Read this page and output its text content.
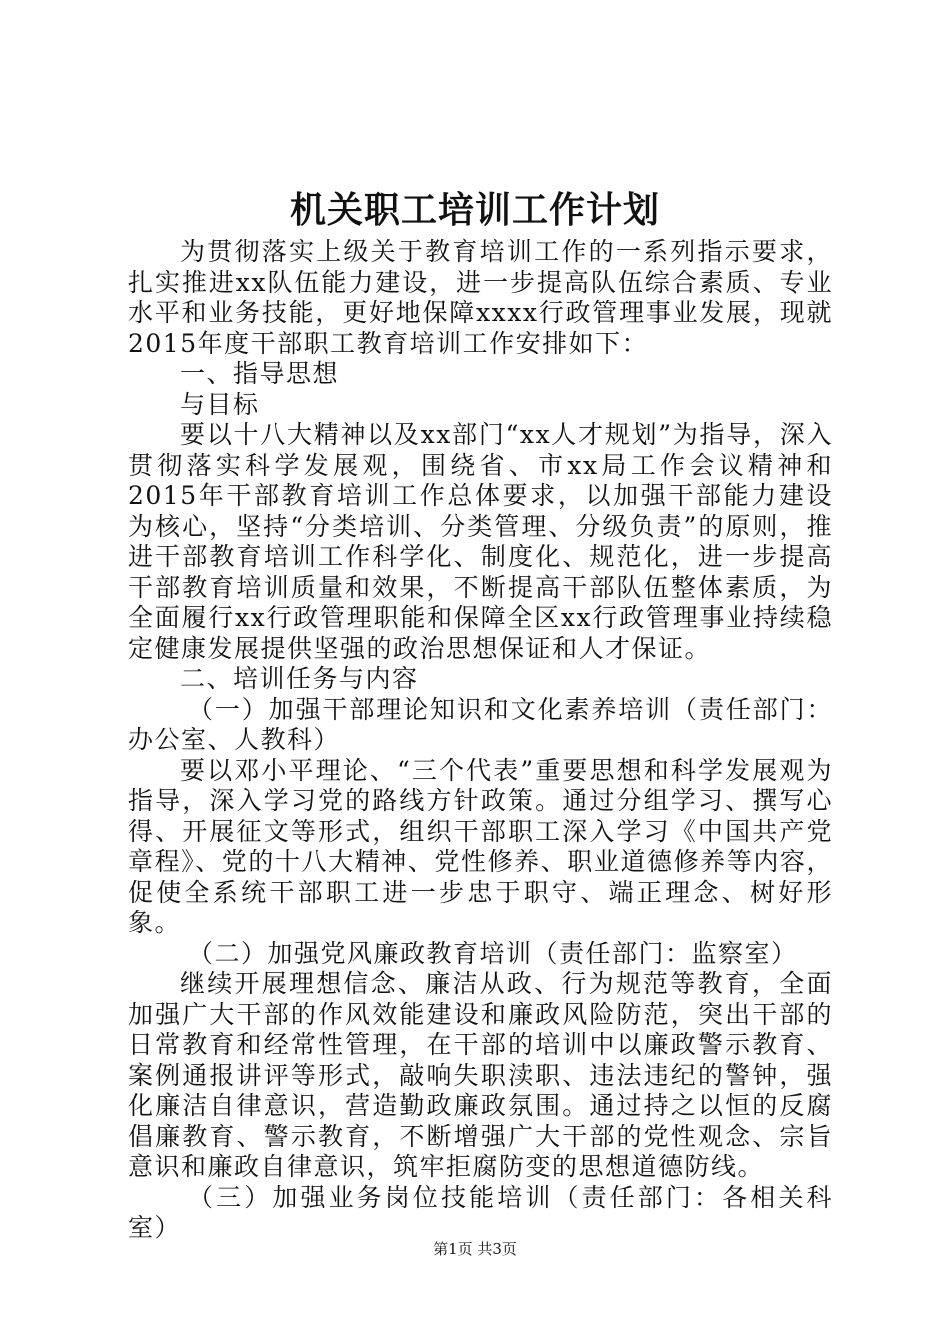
机关职工培训工作计划

为贯彻落实上级关于教育培训工作的一系列指示要求，扎实推进xx队伍能力建设，进一步提高队伍综合素质、专业水平和业务技能，更好地保障xxxx行政管理事业发展，现就2015年度干部职工教育培训工作安排如下：

一、指导思想

与目标

要以十八大精神以及xx部门“xx人才规划”为指导，深入贯彻落实科学发展观，围绕省、市xx局工作会议精神和2015年干部教育培训工作总体要求，以加强干部能力建设为核心，坚持“分类培训、分类管理、分级负责”的原则，推进干部教育培训工作科学化、制度化、规范化，进一步提高干部教育培训质量和效果，不断提高干部队伍整体素质，为全面履行xx行政管理职能和保障全区xx行政管理事业持续稳定健康发展提供坚强的政治思想保证和人才保证。

二、培训任务与内容

（一）加强干部理论知识和文化素养培训（责任部门：办公室、人教科）

要以邓小平理论、“三个代表”重要思想和科学发展观为指导，深入学习党的路线方针政策。通过分组学习、撰写心得、开展征文等形式，组织干部职工深入学习《中国共产党章程》、党的十八大精神、党性修养、职业道德修养等内容，促使全系统干部职工进一步忠于职守、端正理念、树好形象。

（二）加强党风廉政教育培训（责任部门：监察室）

继续开展理想信念、廉洁从政、行为规范等教育，全面加强广大干部的作风效能建设和廉政风险防范，突出干部的日常教育和经常性管理，在干部的培训中以廉政警示教育、案例通报讲评等形式，敲响失职渎职、违法违纪的警钟，强化廉洁自律意识，营造勤政廉政氛围。通过持之以恒的反腐倡廉教育、警示教育，不断增强广大干部的党性观念、宗旨意识和廉政自律意识，筑牢拒腐防变的思想道德防线。

（三）加强业务岗位技能培训（责任部门：各相关科室）

第1页 共3页
